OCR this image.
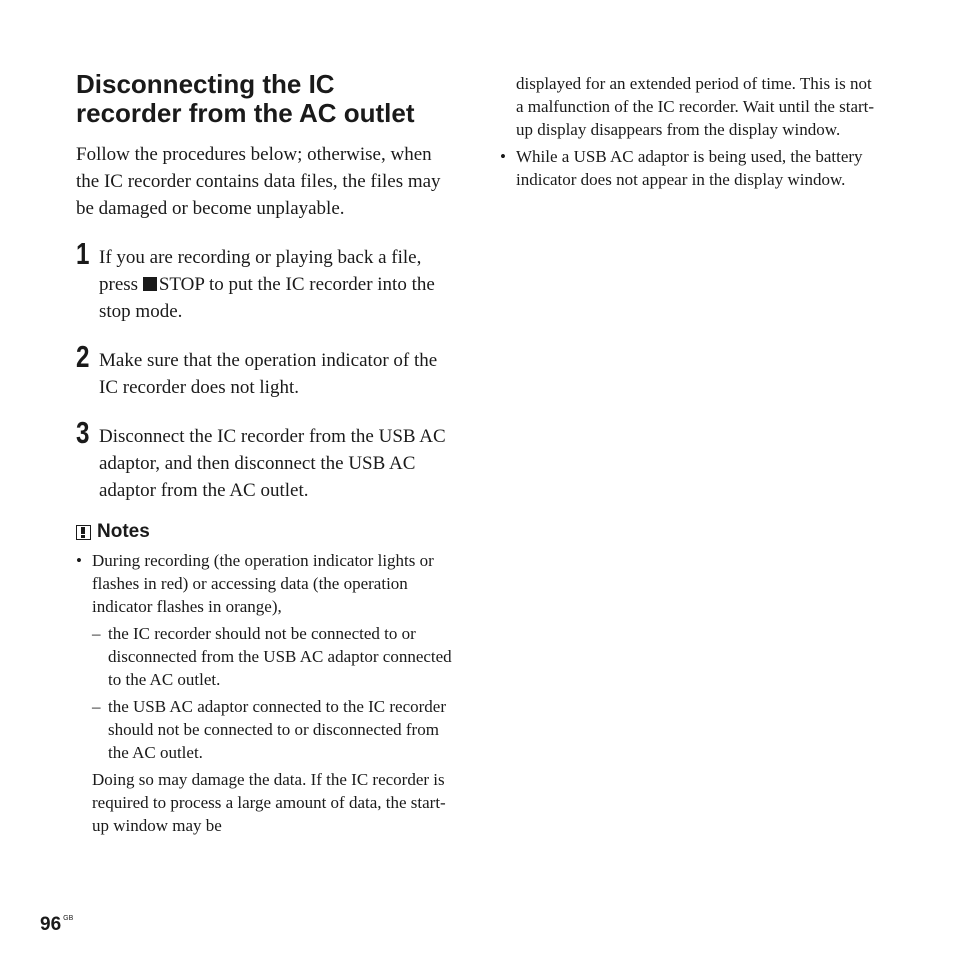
Disconnecting the IC
recorder from the AC outlet

Follow the procedures below; otherwise, when the IC recorder contains data files, the files may be damaged or become unplayable.

1 If you are recording or playing back a file, press STOP to put the IC recorder into the stop mode.
2 Make sure that the operation indicator of the IC recorder does not light.
3 Disconnect the IC recorder from the USB AC adaptor, and then disconnect the USB AC adaptor from the AC outlet.
Notes
• During recording (the operation indicator lights or flashes in red) or accessing data (the operation indicator flashes in orange),
– the IC recorder should not be connected to or disconnected from the USB AC adaptor connected to the AC outlet.
– the USB AC adaptor connected to the IC recorder should not be connected to or disconnected from the AC outlet.

Doing so may damage the data. If the IC recorder is required to process a large amount of data, the start-up window may be

displayed for an extended period of time. This is not a malfunction of the IC recorder. Wait until the start-up display disappears from the display window.

• While a USB AC adaptor is being used, the battery indicator does not appear in the display window.
96 $^{GB}$
